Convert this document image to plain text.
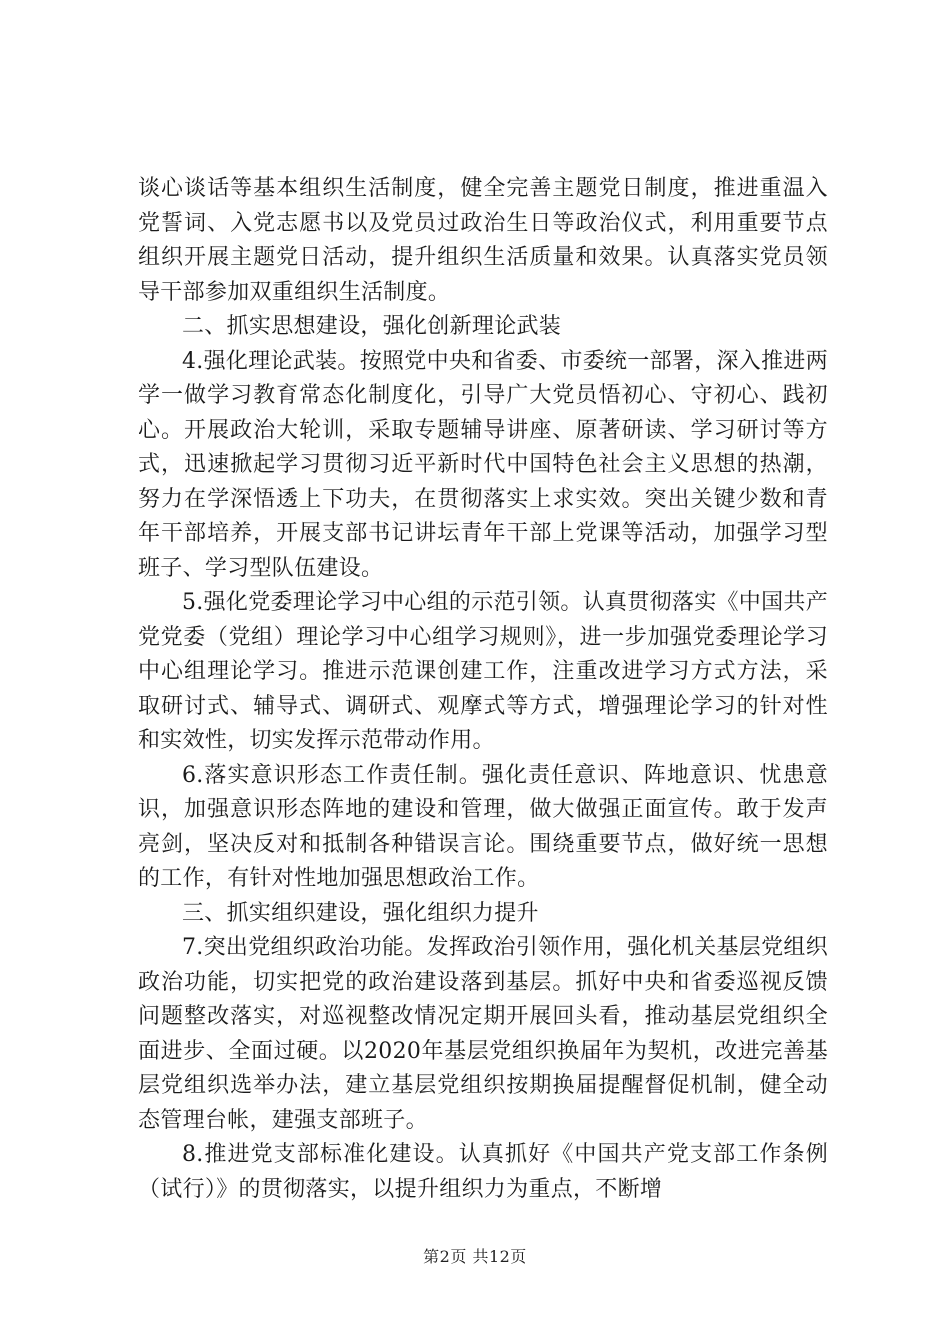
谈心谈话等基本组织生活制度，健全完善主题党日制度，推进重温入党誓词、入党志愿书以及党员过政治生日等政治仪式，利用重要节点组织开展主题党日活动，提升组织生活质量和效果。认真落实党员领导干部参加双重组织生活制度。

二、抓实思想建设，强化创新理论武装

4.强化理论武装。按照党中央和省委、市委统一部署，深入推进两学一做学习教育常态化制度化，引导广大党员悟初心、守初心、践初心。开展政治大轮训，采取专题辅导讲座、原著研读、学习研讨等方式，迅速掀起学习贯彻习近平新时代中国特色社会主义思想的热潮，努力在学深悟透上下功夫，在贯彻落实上求实效。突出关键少数和青年干部培养，开展支部书记讲坛青年干部上党课等活动，加强学习型班子、学习型队伍建设。

5.强化党委理论学习中心组的示范引领。认真贯彻落实《中国共产党党委（党组）理论学习中心组学习规则》，进一步加强党委理论学习中心组理论学习。推进示范课创建工作，注重改进学习方式方法，采取研讨式、辅导式、调研式、观摩式等方式，增强理论学习的针对性和实效性，切实发挥示范带动作用。

6.落实意识形态工作责任制。强化责任意识、阵地意识、忧患意识，加强意识形态阵地的建设和管理，做大做强正面宣传。敢于发声亮剑，坚决反对和抵制各种错误言论。围绕重要节点，做好统一思想的工作，有针对性地加强思想政治工作。

三、抓实组织建设，强化组织力提升

7.突出党组织政治功能。发挥政治引领作用，强化机关基层党组织政治功能，切实把党的政治建设落到基层。抓好中央和省委巡视反馈问题整改落实，对巡视整改情况定期开展回头看，推动基层党组织全面进步、全面过硬。以2020年基层党组织换届年为契机，改进完善基层党组织选举办法，建立基层党组织按期换届提醒督促机制，健全动态管理台帐，建强支部班子。

8.推进党支部标准化建设。认真抓好《中国共产党支部工作条例（试行）》的贯彻落实，以提升组织力为重点，不断增

第2页 共12页
